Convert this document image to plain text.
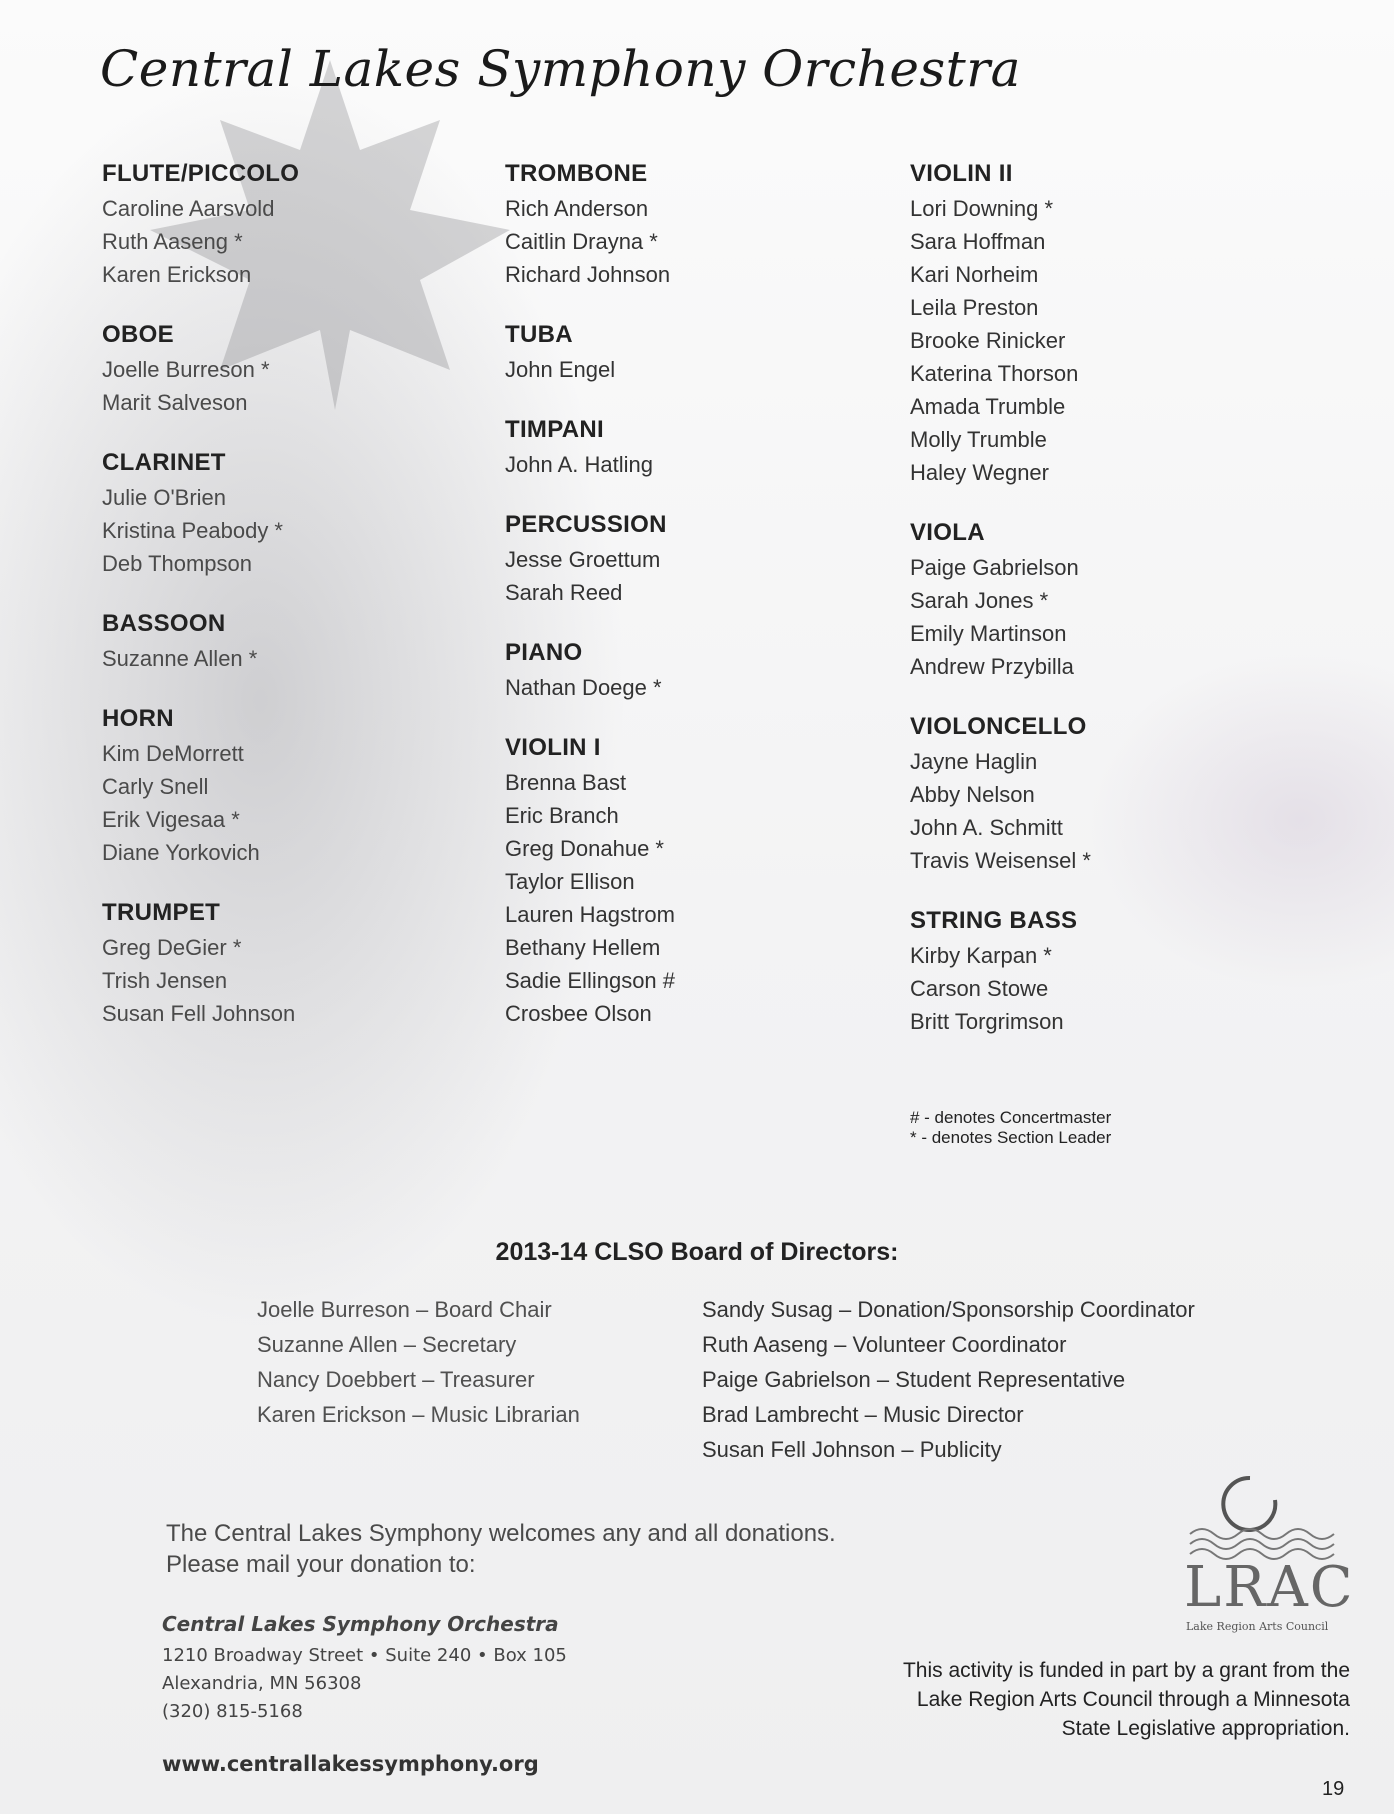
Central Lakes Symphony Orchestra
FLUTE/PICCOLO
Caroline Aarsvold
Ruth Aaseng *
Karen Erickson
OBOE
Joelle Burreson *
Marit Salveson
CLARINET
Julie O'Brien
Kristina Peabody *
Deb Thompson
BASSOON
Suzanne Allen *
HORN
Kim DeMorrett
Carly Snell
Erik Vigesaa *
Diane Yorkovich
TRUMPET
Greg DeGier *
Trish Jensen
Susan Fell Johnson
TROMBONE
Rich Anderson
Caitlin Drayna *
Richard Johnson
TUBA
John Engel
TIMPANI
John A. Hatling
PERCUSSION
Jesse Groettum
Sarah Reed
PIANO
Nathan Doege *
VIOLIN I
Brenna Bast
Eric Branch
Greg Donahue *
Taylor Ellison
Lauren Hagstrom
Bethany Hellem
Sadie Ellingson #
Crosbee Olson
VIOLIN II
Lori Downing *
Sara Hoffman
Kari Norheim
Leila Preston
Brooke Rinicker
Katerina Thorson
Amada Trumble
Molly Trumble
Haley Wegner
VIOLA
Paige Gabrielson
Sarah Jones *
Emily Martinson
Andrew Przybilla
VIOLONCELLO
Jayne Haglin
Abby Nelson
John A. Schmitt
Travis Weisensel *
STRING BASS
Kirby Karpan *
Carson Stowe
Britt Torgrimson
# - denotes Concertmaster
* - denotes Section Leader
2013-14 CLSO Board of Directors:
Joelle Burreson – Board Chair
Suzanne Allen – Secretary
Nancy Doebbert – Treasurer
Karen Erickson – Music Librarian
Sandy Susag – Donation/Sponsorship Coordinator
Ruth Aaseng – Volunteer Coordinator
Paige Gabrielson – Student Representative
Brad Lambrecht – Music Director
Susan Fell Johnson – Publicity
The Central Lakes Symphony welcomes any and all donations.
Please mail your donation to:
Central Lakes Symphony Orchestra
1210 Broadway Street • Suite 240 • Box 105
Alexandria, MN 56308
(320) 815-5168
www.centrallakessymphony.org
LRAC
Lake Region Arts Council
This activity is funded in part by a grant from the
Lake Region Arts Council through a Minnesota
State Legislative appropriation.
19
